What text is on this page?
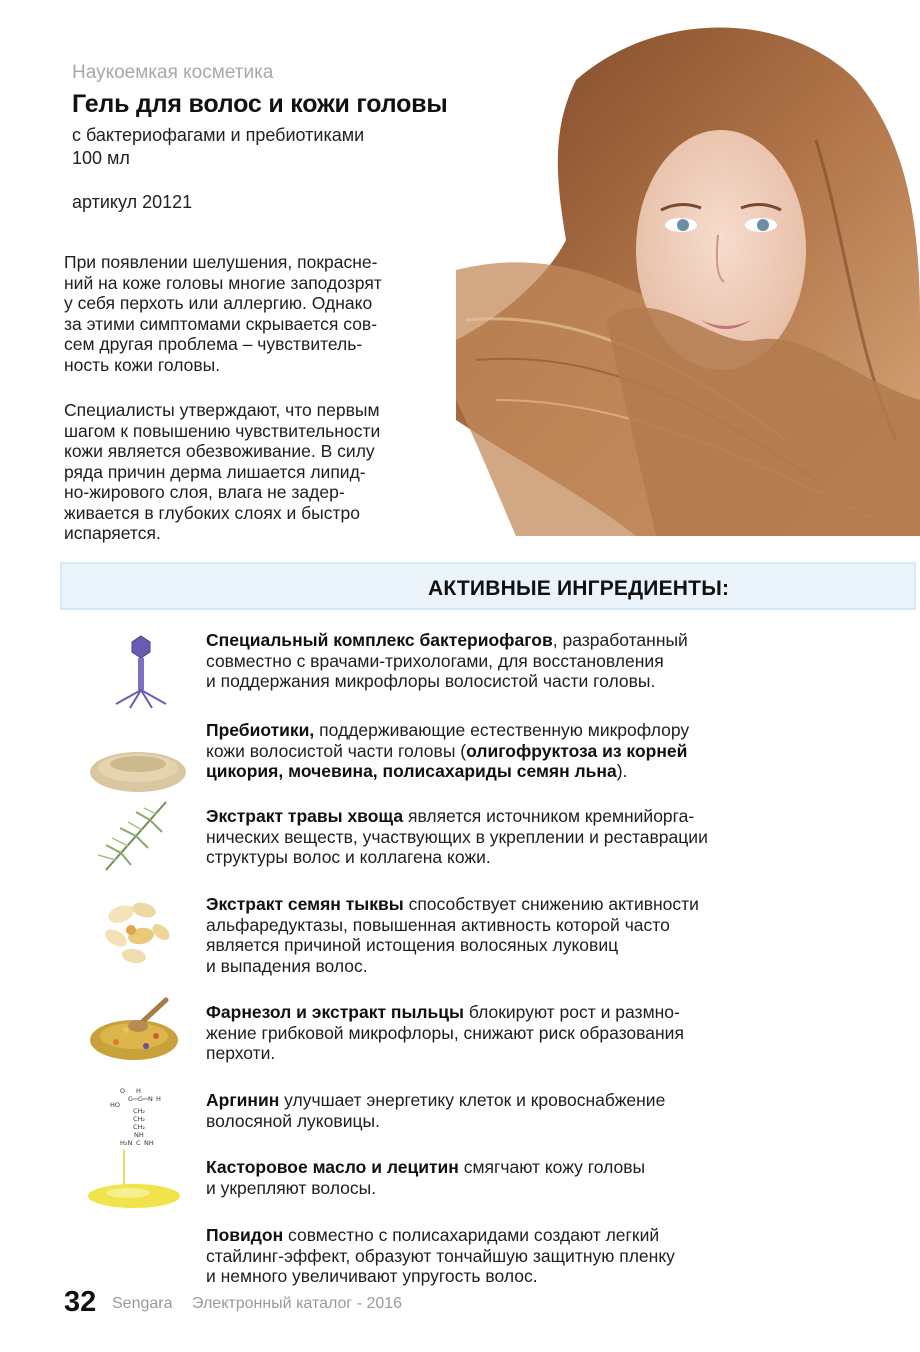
Наукоемкая косметика
Гель для волос и кожи головы
с бактериофагами и пребиотиками
100 мл
артикул 20121
При появлении шелушения, покрасне-
ний на коже головы многие заподозрят
у себя перхоть или аллергию. Однако
за этими симптомами скрывается сов-
сем другая проблема – чувствитель-
ность кожи головы.
Специалисты утверждают, что первым
шагом к повышению чувствительности
кожи является обезвоживание. В силу
ряда причин дерма лишается липид-
но-жирового слоя, влага не задер-
живается в глубоких слоях и быстро
испаряется.
АКТИВНЫЕ ИНГРЕДИЕНТЫ:
O
C C N H
HO
H
CH₂
CH₂
CH₂
NH
C NH
H₂N
Специальный комплекс бактериофагов, разработанный
совместно с врачами-трихологами, для восстановления
и поддержания микрофлоры волосистой части головы.
Пребиотики, поддерживающие естественную микрофлору
кожи волосистой части головы (олигофруктоза из корней
цикория, мочевина, полисахариды семян льна).
Экстракт травы хвоща является источником кремнийорга-
нических веществ, участвующих в укреплении и реставрации
структуры волос и коллагена кожи.
Экстракт семян тыквы способствует снижению активности
альфаредуктазы, повышенная активность которой часто
является причиной истощения волосяных луковиц
и выпадения волос.
Фарнезол и экстракт пыльцы блокируют рост и размно-
жение грибковой микрофлоры, снижают риск образования
перхоти.
Аргинин улучшает энергетику клеток и кровоснабжение
волосяной луковицы.
Касторовое масло и лецитин смягчают кожу головы
и укрепляют волосы.
Повидон совместно с полисахаридами создают легкий
стайлинг-эффект, образуют тончайшую защитную пленку
и немного увеличивают упругость волос.
32 Sengara Электронный каталог - 2016
